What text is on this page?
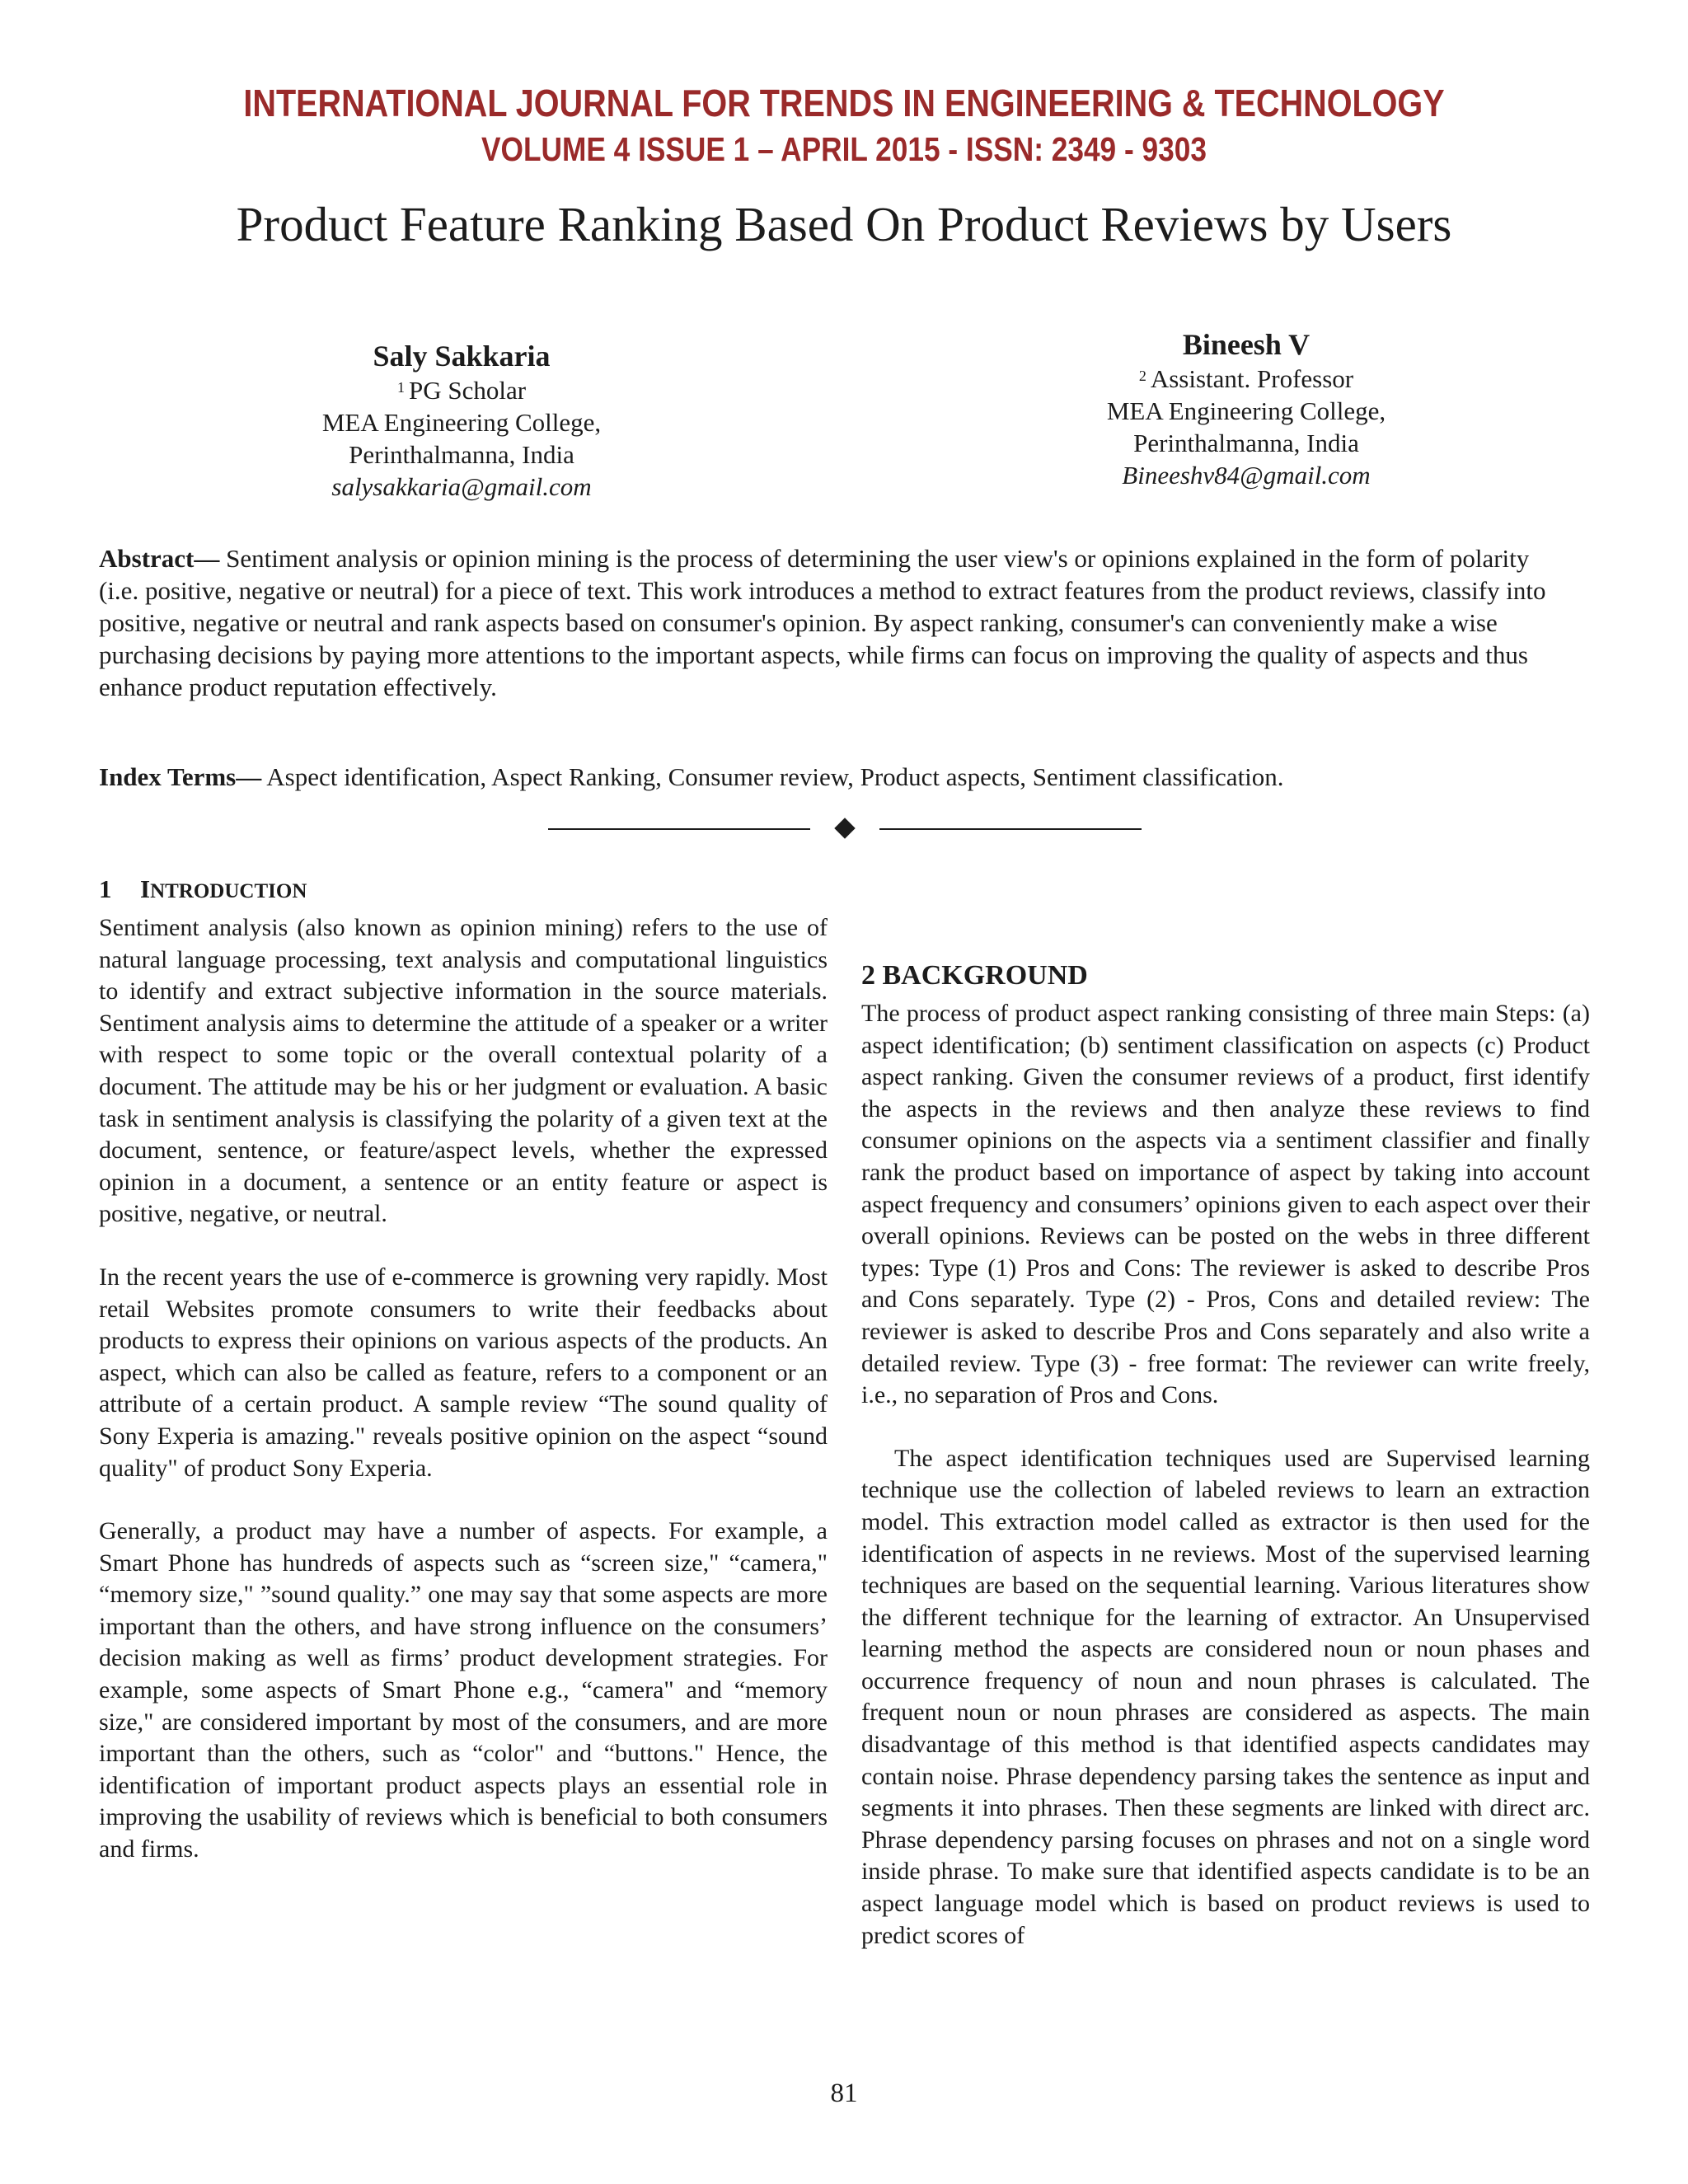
INTERNATIONAL JOURNAL FOR TRENDS IN ENGINEERING & TECHNOLOGY
VOLUME 4 ISSUE 1 – APRIL 2015 - ISSN: 2349 - 9303
Product Feature Ranking Based On Product Reviews by Users
Saly Sakkaria
$^1$ PG Scholar
MEA Engineering College,
Perinthalmanna, India
salysakkaria@gmail.com
Bineesh V
$^2$ Assistant. Professor
MEA Engineering College,
Perinthalmanna, India
Bineeshv84@gmail.com
Abstract— Sentiment analysis or opinion mining is the process of determining the user view's or opinions explained in the form of polarity (i.e. positive, negative or neutral) for a piece of text. This work introduces a method to extract features from the product reviews, classify into positive, negative or neutral and rank aspects based on consumer's opinion. By aspect ranking, consumer's can conveniently make a wise purchasing decisions by paying more attentions to the important aspects, while firms can focus on improving the quality of aspects and thus enhance product reputation effectively.
Index Terms— Aspect identification, Aspect Ranking, Consumer review, Product aspects, Sentiment classification.
1 INTRODUCTION

Sentiment analysis (also known as opinion mining) refers to the use of natural language processing, text analysis and computational linguistics to identify and extract subjective information in the source materials. Sentiment analysis aims to determine the attitude of a speaker or a writer with respect to some topic or the overall contextual polarity of a document. The attitude may be his or her judgment or evaluation. A basic task in sentiment analysis is classifying the polarity of a given text at the document, sentence, or feature/aspect levels, whether the expressed opinion in a document, a sentence or an entity feature or aspect is positive, negative, or neutral.

In the recent years the use of e-commerce is growning very rapidly. Most retail Websites promote consumers to write their feedbacks about products to express their opinions on various aspects of the products. An aspect, which can also be called as feature, refers to a component or an attribute of a certain product. A sample review “The sound quality of Sony Experia is amazing." reveals positive opinion on the aspect “sound quality" of product Sony Experia.

Generally, a product may have a number of aspects. For example, a Smart Phone has hundreds of aspects such as “screen size," “camera," “memory size," ”sound quality.” one may say that some aspects are more important than the others, and have strong influence on the consumers’ decision making as well as firms’ product development strategies. For example, some aspects of Smart Phone e.g., “camera" and “memory size," are considered important by most of the consumers, and are more important than the others, such as “color" and “buttons." Hence, the identification of important product aspects plays an essential role in improving the usability of reviews which is beneficial to both consumers and firms.

2 BACKGROUND

The process of product aspect ranking consisting of three main Steps: (a) aspect identification; (b) sentiment classification on aspects (c) Product aspect ranking. Given the consumer reviews of a product, first identify the aspects in the reviews and then analyze these reviews to find consumer opinions on the aspects via a sentiment classifier and finally rank the product based on importance of aspect by taking into account aspect frequency and consumers’ opinions given to each aspect over their overall opinions. Reviews can be posted on the webs in three different types: Type (1) Pros and Cons: The reviewer is asked to describe Pros and Cons separately. Type (2) - Pros, Cons and detailed review: The reviewer is asked to describe Pros and Cons separately and also write a detailed review. Type (3) - free format: The reviewer can write freely, i.e., no separation of Pros and Cons.

The aspect identification techniques used are Supervised learning technique use the collection of labeled reviews to learn an extraction model. This extraction model called as extractor is then used for the identification of aspects in ne reviews. Most of the supervised learning techniques are based on the sequential learning. Various literatures show the different technique for the learning of extractor. An Unsupervised learning method the aspects are considered noun or noun phases and occurrence frequency of noun and noun phrases is calculated. The frequent noun or noun phrases are considered as aspects. The main disadvantage of this method is that identified aspects candidates may contain noise. Phrase dependency parsing takes the sentence as input and segments it into phrases. Then these segments are linked with direct arc. Phrase dependency parsing focuses on phrases and not on a single word inside phrase. To make sure that identified aspects candidate is to be an aspect language model which is based on product reviews is used to predict scores of

81
